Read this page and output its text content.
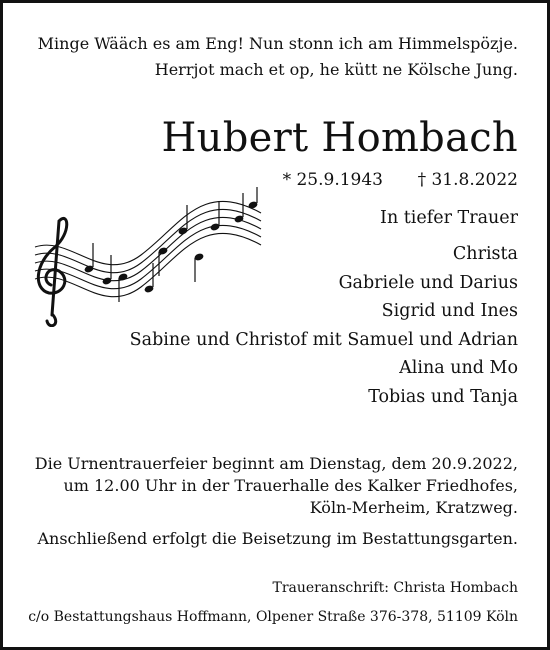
Minge Wääch es am Eng! Nun stonn ich am Himmelspözje.
Herrjot mach et op, he kütt ne Kölsche Jung.
Hubert Hombach
† 31.8.2022
* 25.9.1943
In tiefer Trauer
Christa
Gabriele und Darius
Sigrid und Ines
Sabine und Christof mit Samuel und Adrian
Alina und Mo
Tobias und Tanja
Die Urnentrauerfeier beginnt am Dienstag, dem 20.9.2022,
um 12.00 Uhr in der Trauerhalle des Kalker Friedhofes,
Köln-Merheim, Kratzweg.
Anschließend erfolgt die Beisetzung im Bestattungsgarten.
Traueranschrift: Christa Hombach
c/o Bestattungshaus Hoffmann, Olpener Straße 376-378, 51109 Köln
